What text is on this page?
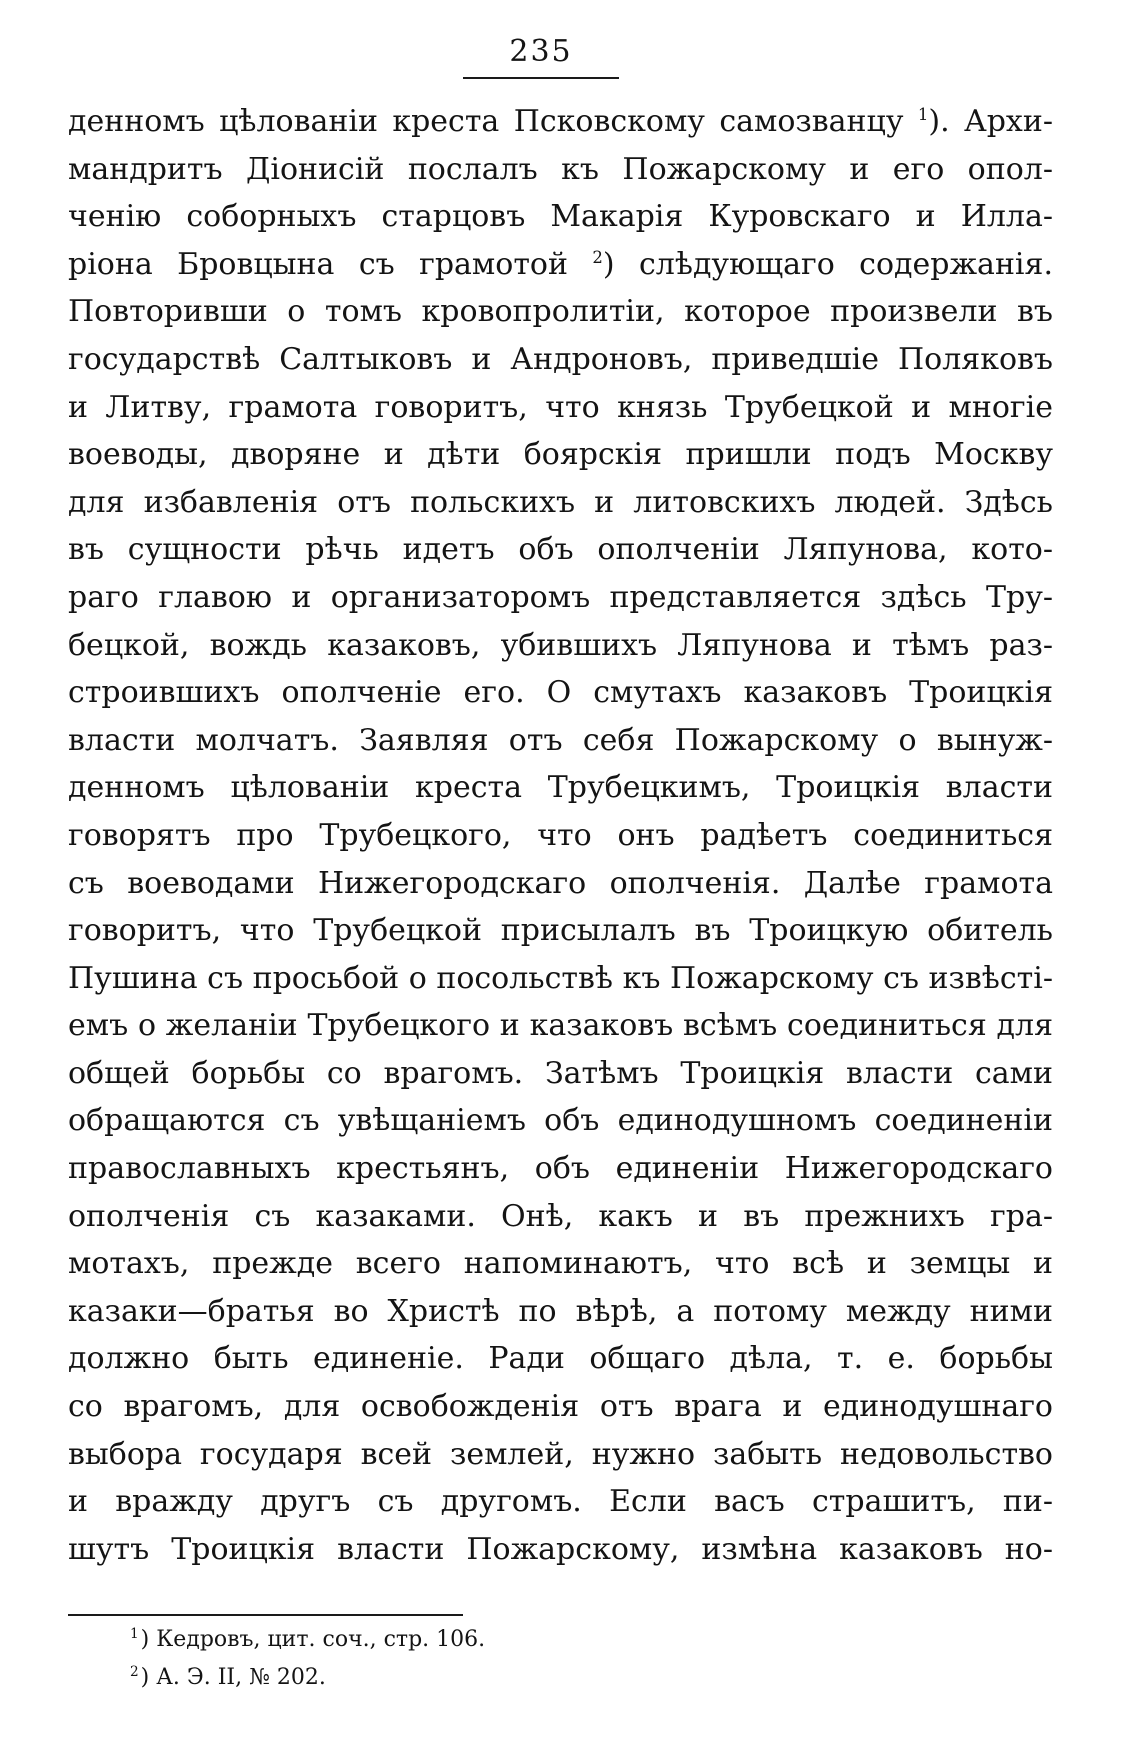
235
денномъ цѣлованіи креста Псковскому самозванцу $^1$). Архи-
мандритъ Діонисій послалъ къ Пожарскому и его опол-
ченію соборныхъ старцовъ Макарія Куровскаго и Илла-
ріона Бровцына съ грамотой $^2$) слѣдующаго содержанія.
Повторивши о томъ кровопролитіи, которое произвели въ
государствѣ Салтыковъ и Андроновъ, приведшіе Поляковъ
и Литву, грамота говоритъ, что князь Трубецкой и многіе
воеводы, дворяне и дѣти боярскія пришли подъ Москву
для избавленія отъ польскихъ и литовскихъ людей. Здѣсь
въ сущности рѣчь идетъ объ ополченіи Ляпунова, кото-
раго главою и организаторомъ представляется здѣсь Тру-
бецкой, вождь казаковъ, убившихъ Ляпунова и тѣмъ раз-
строившихъ ополченіе его. О смутахъ казаковъ Троицкія
власти молчатъ. Заявляя отъ себя Пожарскому о вынуж-
денномъ цѣлованіи креста Трубецкимъ, Троицкія власти
говорятъ про Трубецкого, что онъ радѣетъ соединиться
съ воеводами Нижегородскаго ополченія. Далѣе грамота
говоритъ, что Трубецкой присылалъ въ Троицкую обитель
Пушина съ просьбой о посольствѣ къ Пожарскому съ извѣсті-
емъ о желаніи Трубецкого и казаковъ всѣмъ соединиться для
общей борьбы со врагомъ. Затѣмъ Троицкія власти сами
обращаются съ увѣщаніемъ объ единодушномъ соединеніи
православныхъ крестьянъ, объ единеніи Нижегородскаго
ополченія съ казаками. Онѣ, какъ и въ прежнихъ гра-
мотахъ, прежде всего напоминаютъ, что всѣ и земцы и
казаки—братья во Христѣ по вѣрѣ, а потому между ними
должно быть единеніе. Ради общаго дѣла, т. е. борьбы
со врагомъ, для освобожденія отъ врага и единодушнаго
выбора государя всей землей, нужно забыть недовольство
и вражду другъ съ другомъ. Если васъ страшитъ, пи-
шутъ Троицкія власти Пожарскому, измѣна казаковъ но-
$^1$) Кедровъ, цит. соч., стр. 106.
$^2$) А. Э. II, № 202.
